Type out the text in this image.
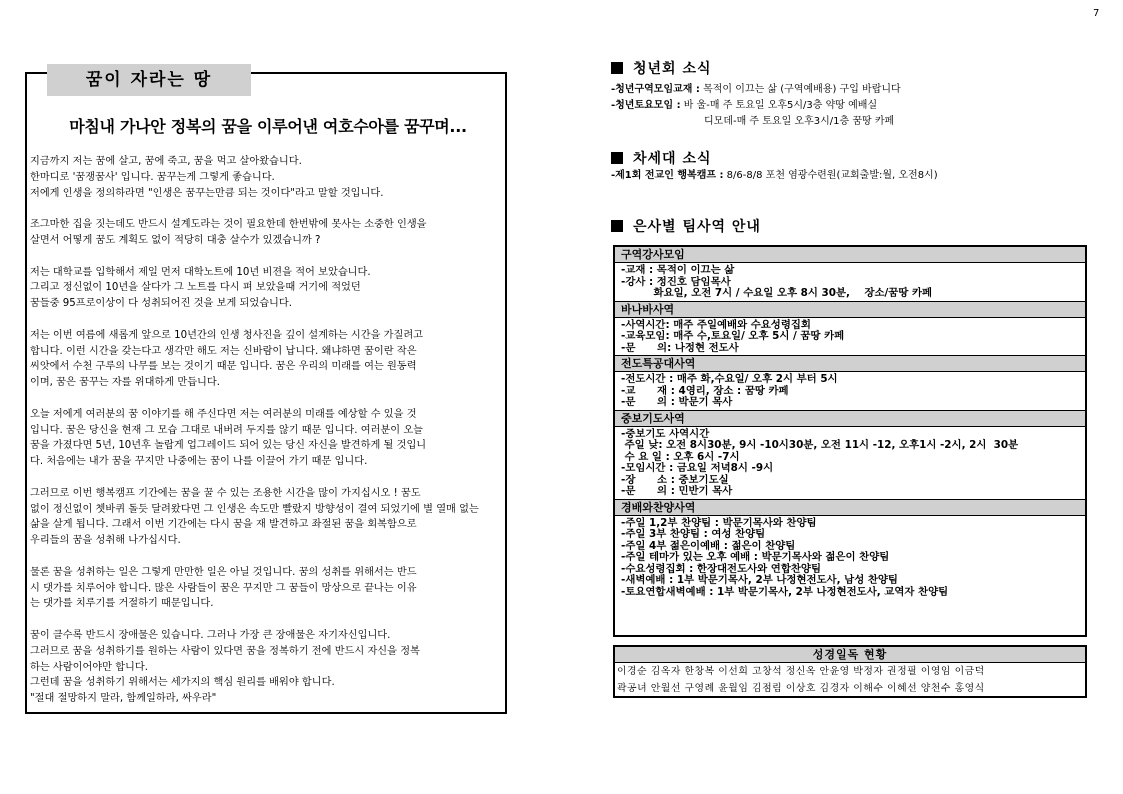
7
꿈이 자라는 땅
마침내 가나안 정복의 꿈을 이루어낸 여호수아를 꿈꾸며...

지금까지 저는 꿈에 살고, 꿈에 죽고, 꿈을 먹고 살아왔습니다.
한마디로 '꿈쟁꿈사' 입니다. 꿈꾸는게 그렇게 좋습니다.
저에게 인생을 정의하라면 "인생은 꿈꾸는만큼 되는 것이다"라고 말할 것입니다.

조그마한 집을 짓는데도 반드시 설계도라는 것이 필요한데 한번밖에 못사는 소중한 인생을
살면서 어떻게 꿈도 계획도 없이 적당히 대충 살수가 있겠습니까 ?

저는 대학교를 입학해서 제일 먼저 대학노트에 10년 비젼을 적어 보았습니다.
그리고 정신없이 10년을 살다가 그 노트를 다시 펴 보았을때 거기에 적었던
꿈들중 95프로이상이 다 성취되어진 것을 보게 되었습니다.

저는 이번 여름에 새롭게 앞으로 10년간의 인생 청사진을 깊이 설계하는 시간을 가질려고
합니다. 이런 시간을 갖는다고 생각만 해도 저는 신바람이 납니다. 왜냐하면 꿈이란 작은
씨앗에서 수천 구루의 나무를 보는 것이기 때문 입니다. 꿈은 우리의 미래를 여는 원동력
이며, 꿈은 꿈꾸는 자를 위대하게 만듭니다.

오늘 저에게 여러분의 꿈 이야기를 해 주신다면 저는 여러분의 미래를 예상할 수 있을 것
입니다. 꿈은 당신을 현재 그 모습 그대로 내버려 두지를 않기 때문 입니다. 여러분이 오늘
꿈을 가졌다면 5년, 10년후 놀랍게 업그레이드 되어 있는 당신 자신을 발견하게 될 것입니
다. 처음에는 내가 꿈을 꾸지만 나중에는 꿈이 나를 이끌어 가기 때문 입니다.

그러므로 이번 행복캠프 기간에는 꿈을 꿀 수 있는 조용한 시간을 많이 가지십시오 ! 꿈도
없이 정신없이 쳇바퀴 돌듯 달려왔다면 그 인생은 속도만 빨랐지 방향성이 결여 되었기에 별 열매 없는
삶을 살게 됩니다. 그래서 이번 기간에는 다시 꿈을 재 발견하고 좌절된 꿈을 회복함으로
우리들의 꿈을 성취해 나가십시다.

물론 꿈을 성취하는 일은 그렇게 만만한 일은 아닐 것입니다. 꿈의 성취를 위해서는 반드
시 댓가를 치루어야 합니다. 많은 사람들이 꿈은 꾸지만 그 꿈들이 망상으로 끝나는 이유
는 댓가를 치루기를 거절하기 때문입니다.

꿈이 클수록 반드시 장애물은 있습니다. 그러나 가장 큰 장애물은 자기자신입니다.
그러므로 꿈을 성취하기를 원하는 사람이 있다면 꿈을 정복하기 전에 반드시 자신을 정복
하는 사람이어야만 합니다.
그런데 꿈을 성취하기 위해서는 세가지의 핵심 원리를 배워야 합니다.
"절대 절망하지 말라, 함께일하라, 싸우라"

청년회 소식
-청년구역모임교재 : 목적이 이끄는 삶 (구역예배용) 구입 바랍니다
-청년토요모임 : 바 울-매 주 토요일 오후5시/3층 약땅 예배실
디모데-매 주 토요일 오후3시/1층 꿈땅 카페
차세대 소식
-제1회 전교인 행복캠프 : 8/6-8/8 포천 염광수련원(교회출발:월, 오전8시)
은사별 팀사역 안내
구역강사모임
-교재 : 목적이 이끄는 삶
-강사 : 정진호 담임목사
화요일, 오전 7시 / 수요일 오후 8시 30분,    장소/꿈땅 카페
바나바사역
-사역시간: 매주 주일예배와 수요성령집회
-교육모임: 매주 수,토요일/ 오후 5시 / 꿈땅 카페
-문      의: 나정현 전도사
전도특공대사역
-전도시간 : 매주 화,수요일/ 오후 2시 부터 5시
-교      재 : 4영리, 장소 : 꿈땅 카페
-문      의 : 박문기 목사
중보기도사역
-중보기도 사역시간
주일 낮: 오전 8시30분, 9시 -10시30분, 오전 11시 -12, 오후1시 -2시, 2시  30분
수 요 일 : 오후 6시 -7시
-모임시간 : 금요일 저녁8시 -9시
-장      소 : 중보기도실
-문      의 : 민반기 목사
경배와찬양사역
-주일 1,2부 찬양팀 : 박문기목사와 찬양팀
-주일 3부 찬양팀 : 여성 찬양팀
-주일 4부 젊은이예배 : 젊은이 찬양팀
-주일 테마가 있는 오후 예배 : 박문기목사와 젊은이 찬양팀
-수요성령집회 : 한장대전도사와 연합찬양팀
-새벽예배 : 1부 박문기목사, 2부 나정현전도사, 남성 찬양팀
-토요연합새벽예배 : 1부 박문기목사, 2부 나정현전도사, 교역자 찬양팀
성경일독 현황
이경순 김옥자 한창복 이선희 고창석 정신옥 안윤영 박정자 권정필 이영임 이금덕
곽공녀 안월선 구영례 윤월임 김점림 이상호 김경자 이해수 이혜선 양천수 홍영식
